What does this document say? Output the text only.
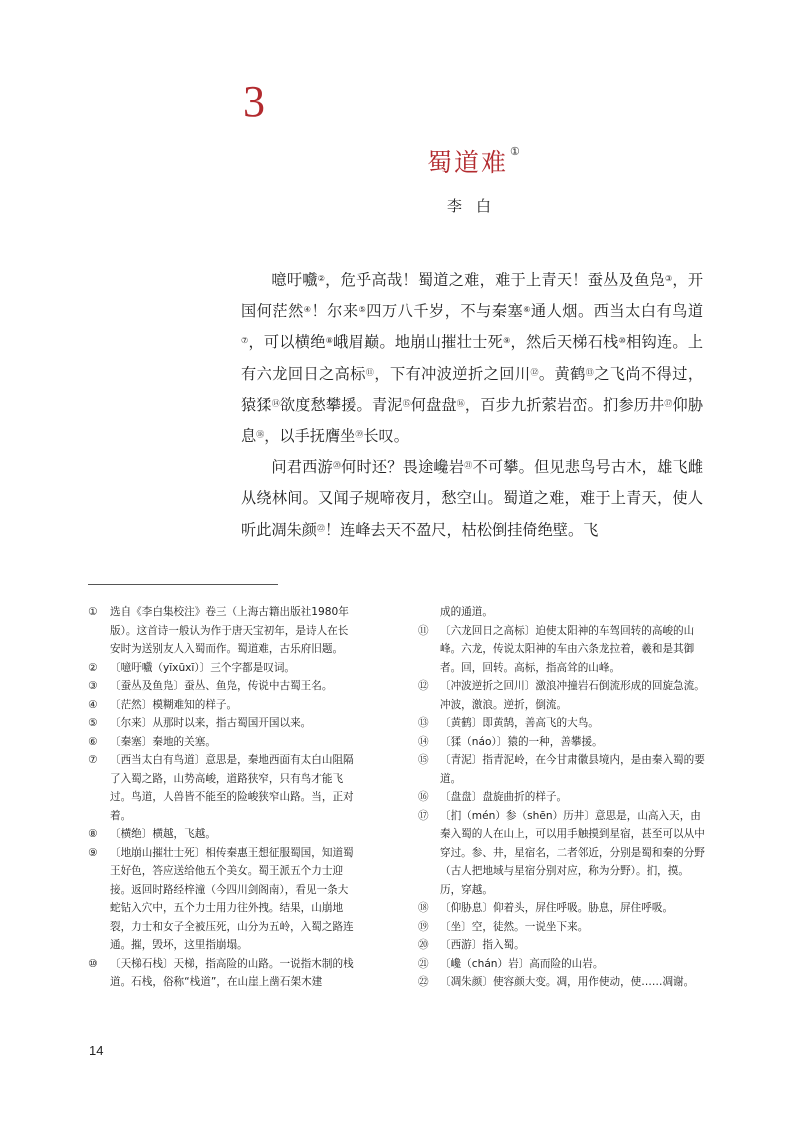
3
蜀道难 ①
李 白

噫吁嚱②，危乎高哉！蜀道之难，难于上青天！蚕丛及鱼凫③，开国何茫然④！尔来⑤四万八千岁，不与秦塞⑥通人烟。西当太白有鸟道⑦，可以横绝⑧峨眉巅。地崩山摧壮士死⑨，然后天梯石栈⑩相钩连。上有六龙回日之高标⑪，下有冲波逆折之回川⑫。黄鹤⑬之飞尚不得过，猿猱⑭欲度愁攀援。青泥⑮何盘盘⑯，百步九折萦岩峦。扪参历井⑰仰胁息⑱，以手抚膺坐⑲长叹。

问君西游⑳何时还？畏途巉岩$^㉑$不可攀。但见悲鸟号古木，雄飞雌从绕林间。又闻子规啼夜月，愁空山。蜀道之难，难于上青天，使人听此凋朱颜$^㉒$！连峰去天不盈尺，枯松倒挂倚绝壁。飞

①	选自《李白集校注》卷三（上海古籍出版社1980年版）。这首诗一般认为作于唐天宝初年，是诗人在长安时为送别友人入蜀而作。蜀道难，古乐府旧题。
②	〔噫吁嚱（yīxūxī）〕三个字都是叹词。
③	〔蚕丛及鱼凫〕蚕丛、鱼凫，传说中古蜀王名。
④	〔茫然〕模糊难知的样子。
⑤	〔尔来〕从那时以来，指古蜀国开国以来。
⑥	〔秦塞〕秦地的关塞。
⑦	〔西当太白有鸟道〕意思是，秦地西面有太白山阻隔了入蜀之路，山势高峻，道路狭窄，只有鸟才能飞过。鸟道，人兽皆不能至的险峻狭窄山路。当，正对着。
⑧	〔横绝〕横越，飞越。
⑨	〔地崩山摧壮士死〕相传秦惠王想征服蜀国，知道蜀王好色，答应送给他五个美女。蜀王派五个力士迎接。返回时路经梓潼（今四川剑阁南），看见一条大蛇钻入穴中，五个力士用力往外拽。结果，山崩地裂，力士和女子全被压死，山分为五岭，入蜀之路连通。摧，毁坏，这里指崩塌。
⑩	〔天梯石栈〕天梯，指高险的山路。一说指木制的栈道。石栈，俗称“栈道”，在山崖上凿石架木建
成的通道。
⑪	〔六龙回日之高标〕迫使太阳神的车驾回转的高峻的山峰。六龙，传说太阳神的车由六条龙拉着，羲和是其御者。回，回转。高标，指高耸的山峰。
⑫	〔冲波逆折之回川〕激浪冲撞岩石倒流形成的回旋急流。冲波，激浪。逆折，倒流。
⑬	〔黄鹤〕即黄鹄，善高飞的大鸟。
⑭	〔猱（náo）〕猿的一种，善攀援。
⑮	〔青泥〕指青泥岭，在今甘肃徽县境内，是由秦入蜀的要道。
⑯	〔盘盘〕盘旋曲折的样子。
⑰	〔扪（mén）参（shēn）历井〕意思是，山高入天，由秦入蜀的人在山上，可以用手触摸到星宿，甚至可以从中穿过。参、井，星宿名，二者邻近，分别是蜀和秦的分野（古人把地域与星宿分别对应，称为分野）。扪，摸。历，穿越。
⑱	〔仰胁息〕仰着头，屏住呼吸。胁息，屏住呼吸。
⑲	〔坐〕空，徒然。一说坐下来。
⑳	〔西游〕指入蜀。
㉑	〔巉（chán）岩〕高而险的山岩。
㉒	〔凋朱颜〕使容颜大变。凋，用作使动，使……凋谢。
14
